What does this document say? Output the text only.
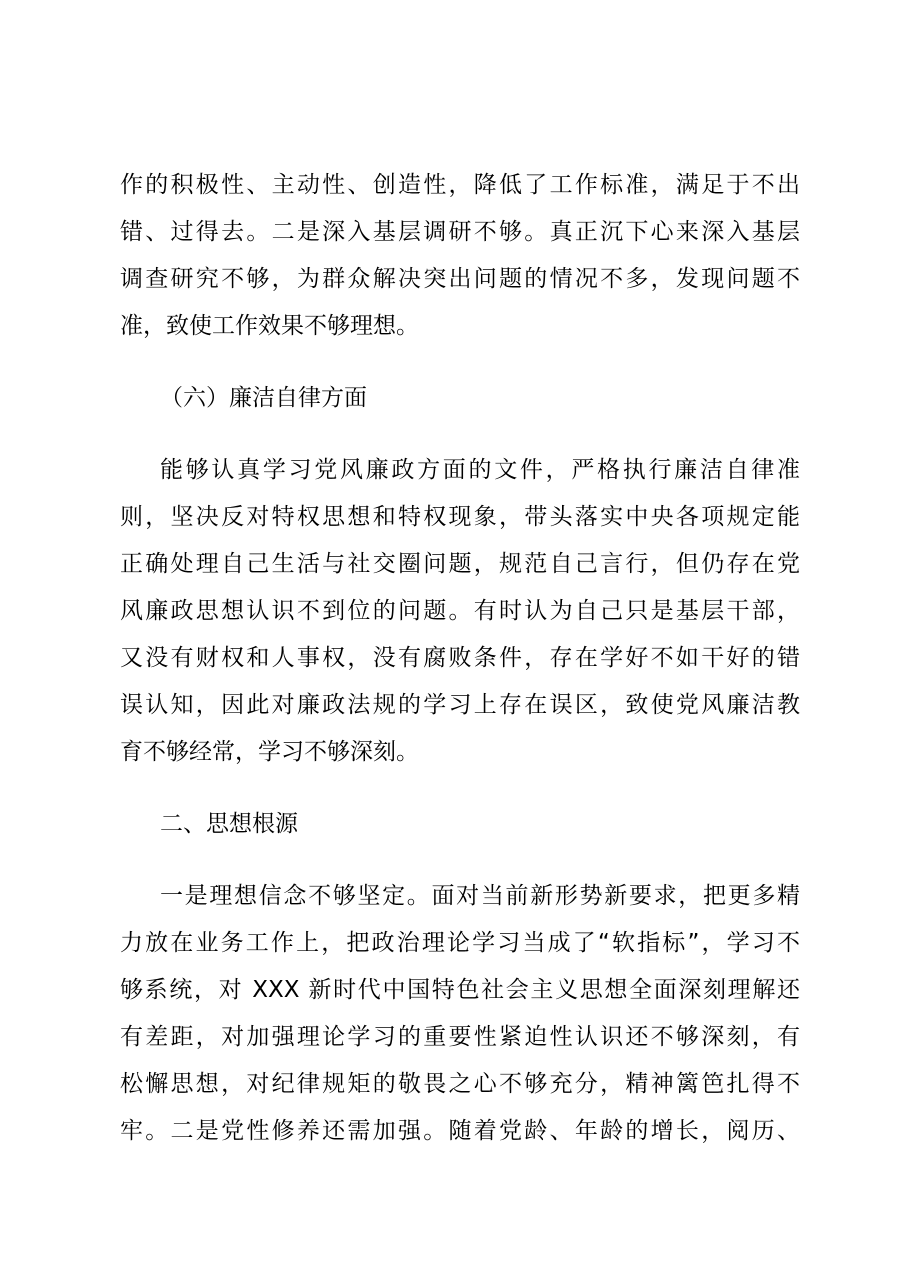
作的积极性、主动性、创造性，降低了工作标准，满足于不出
错、过得去。二是深入基层调研不够。真正沉下心来深入基层
调查研究不够，为群众解决突出问题的情况不多，发现问题不
准，致使工作效果不够理想。
（六）廉洁自律方面
能够认真学习党风廉政方面的文件，严格执行廉洁自律准
则，坚决反对特权思想和特权现象，带头落实中央各项规定能
正确处理自己生活与社交圈问题，规范自己言行，但仍存在党
风廉政思想认识不到位的问题。有时认为自己只是基层干部，
又没有财权和人事权，没有腐败条件，存在学好不如干好的错
误认知，因此对廉政法规的学习上存在误区，致使党风廉洁教
育不够经常，学习不够深刻。
二、思想根源
一是理想信念不够坚定。面对当前新形势新要求，把更多精
力放在业务工作上，把政治理论学习当成了“软指标”，学习不
够系统，对 XXX 新时代中国特色社会主义思想全面深刻理解还
有差距，对加强理论学习的重要性紧迫性认识还不够深刻，有
松懈思想，对纪律规矩的敬畏之心不够充分，精神篱笆扎得不
牢。二是党性修养还需加强。随着党龄、年龄的增长，阅历、
